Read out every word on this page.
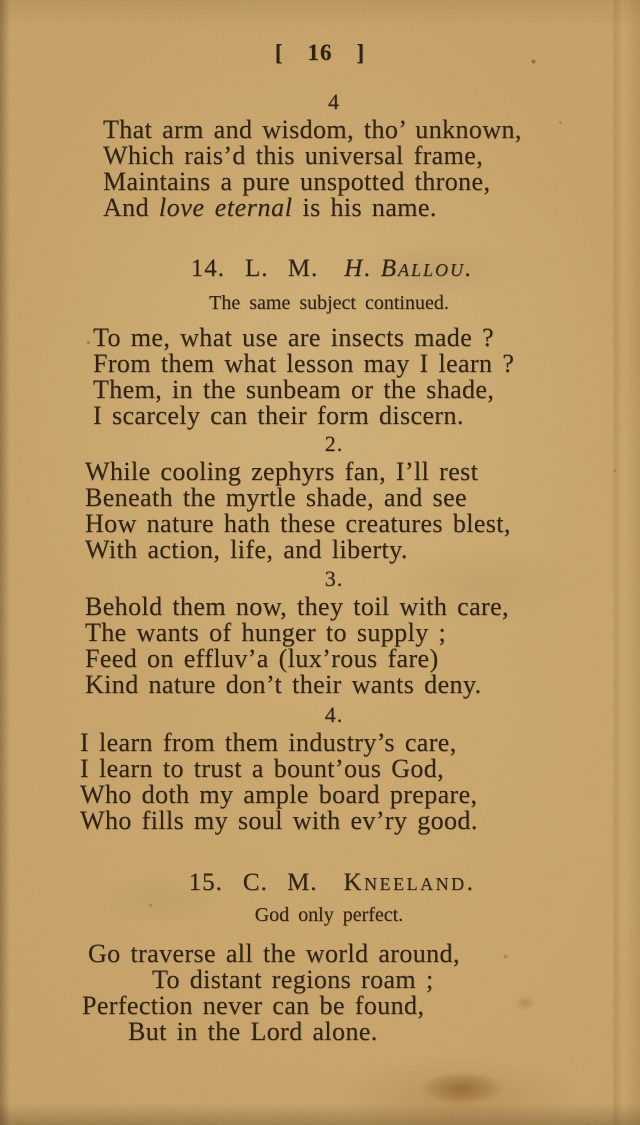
[ 16 ]
4
That arm and wisdom, tho’ unknown,
Which rais’d this universal frame,
Maintains a pure unspotted throne,
And love eternal is his name.
14. L. M. H. Ballou.
The same subject continued.
To me, what use are insects made ?
From them what lesson may I learn ?
Them, in the sunbeam or the shade,
I scarcely can their form discern.
2.
While cooling zephyrs fan, I’ll rest
Beneath the myrtle shade, and see
How nature hath these creatures blest,
With action, life, and liberty.
3.
Behold them now, they toil with care,
The wants of hunger to supply ;
Feed on effluv’a (lux’rous fare)
Kind nature don’t their wants deny.
4.
I learn from them industry’s care,
I learn to trust a bount’ous God,
Who doth my ample board prepare,
Who fills my soul with ev’ry good.
15. C. M. Kneeland.
God only perfect.
Go traverse all the world around,
To distant regions roam ;
Perfection never can be found,
But in the Lord alone.
